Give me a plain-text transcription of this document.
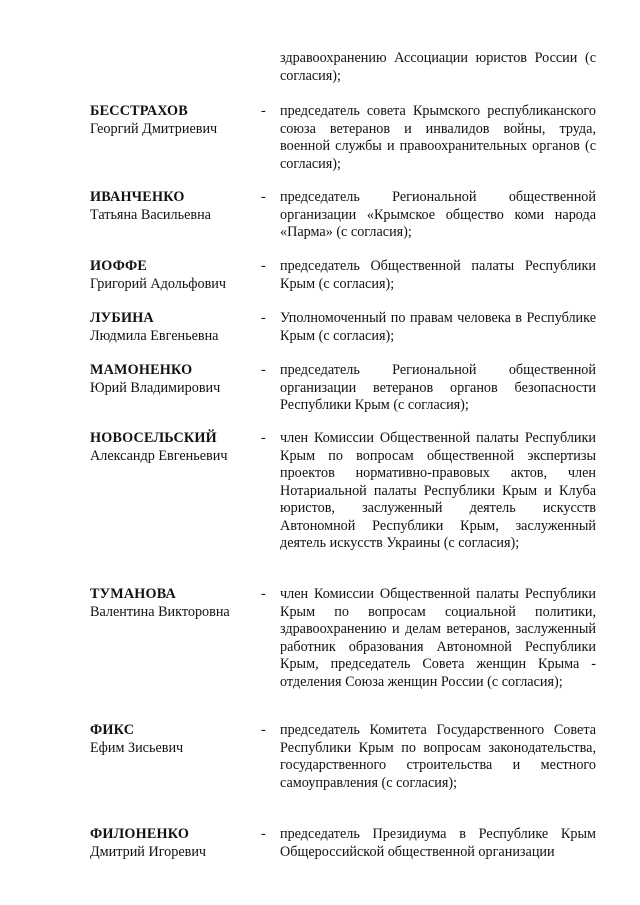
здравоохранению Ассоциации юристов России (с согласия);
БЕССТРАХОВ
Георгий Дмитриевич
- председатель совета Крымского республиканского союза ветеранов и инвалидов войны, труда, военной службы и правоохранительных органов (с согласия);
ИВАНЧЕНКО
Татьяна Васильевна
- председатель Региональной общественной организации «Крымское общество коми народа «Парма» (с согласия);
ИОФФЕ
Григорий Адольфович
- председатель Общественной палаты Республики Крым (с согласия);
ЛУБИНА
Людмила Евгеньевна
- Уполномоченный по правам человека в Республике Крым (с согласия);
МАМОНЕНКО
Юрий Владимирович
- председатель Региональной общественной организации ветеранов органов безопасности Республики Крым (с согласия);
НОВОСЕЛЬСКИЙ
Александр Евгеньевич
- член Комиссии Общественной палаты Республики Крым по вопросам общественной экспертизы проектов нормативно-правовых актов, член Нотариальной палаты Республики Крым и Клуба юристов, заслуженный деятель искусств Автономной Республики Крым, заслуженный деятель искусств Украины (с согласия);
ТУМАНОВА
Валентина Викторовна
- член Комиссии Общественной палаты Республики Крым по вопросам социальной политики, здравоохранению и делам ветеранов, заслуженный работник образования Автономной Республики Крым, председатель Совета женщин Крыма - отделения Союза женщин России (с согласия);
ФИКС
Ефим Зисьевич
- председатель Комитета Государственного Совета Республики Крым по вопросам законодательства, государственного строительства и местного самоуправления (с согласия);
ФИЛОНЕНКО
Дмитрий Игоревич
- председатель Президиума в Республике Крым Общероссийской общественной организации
